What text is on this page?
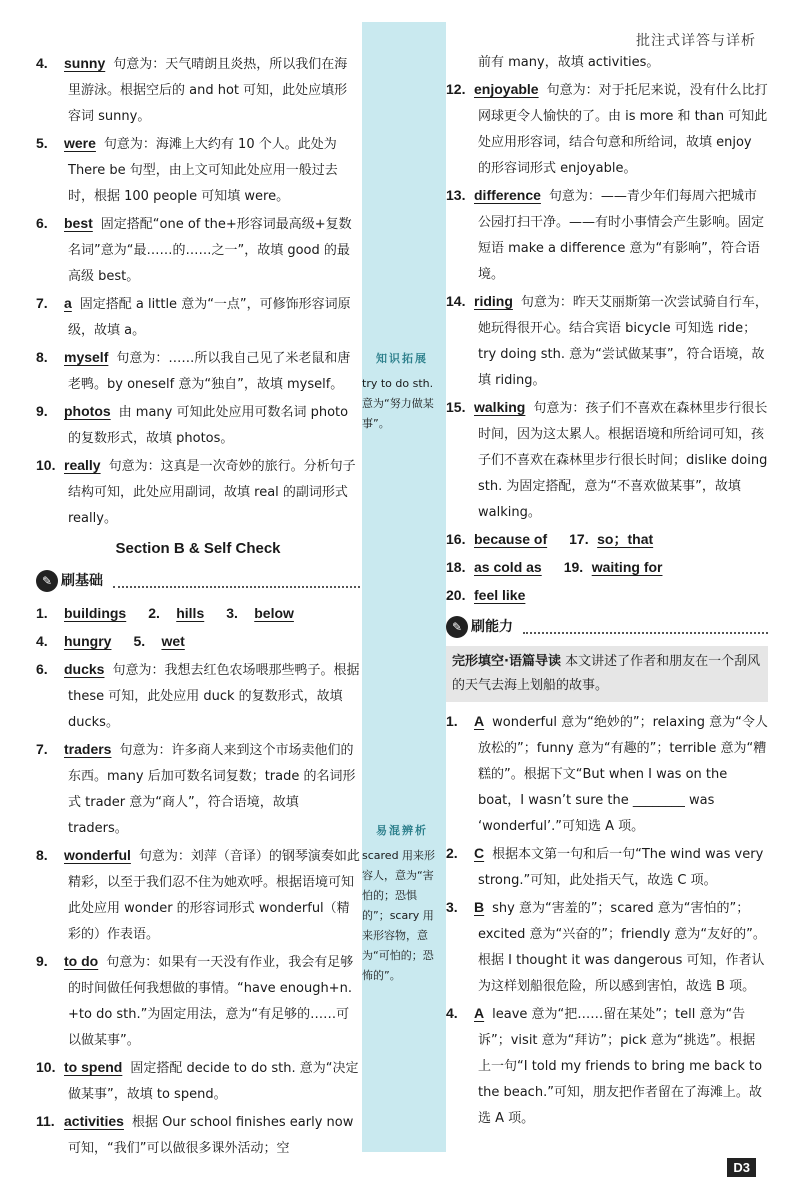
批注式详答与详析
4. sunny 句意为：天气晴朗且炎热，所以我们在海里游泳。根据空后的 and hot 可知，此处应填形容词 sunny。
5. were 句意为：海滩上大约有 10 个人。此处为 There be 句型，由上文可知此处应用一般过去时，根据 100 people 可知填 were。
6. best 固定搭配“one of the+形容词最高级+复数名词”意为“最……的……之一”，故填 good 的最高级 best。
7. a 固定搭配 a little 意为“一点”，可修饰形容词原级，故填 a。
8. myself 句意为：……所以我自己见了米老鼠和唐老鸭。by oneself 意为“独自”，故填 myself。
9. photos 由 many 可知此处应用可数名词 photo 的复数形式，故填 photos。
10. really 句意为：这真是一次奇妙的旅行。分析句子结构可知，此处应用副词，故填 real 的副词形式 really。
Section B & Self Check
✎ 刷基础
1. buildings	2. hills	3. below
4. hungry	5. wet
6. ducks 句意为：我想去红色农场喂那些鸭子。根据 these 可知，此处应用 duck 的复数形式，故填 ducks。
7. traders 句意为：许多商人来到这个市场卖他们的东西。many 后加可数名词复数；trade 的名词形式 trader 意为“商人”，符合语境，故填 traders。
8. wonderful 句意为：刘萍（音译）的钢琴演奏如此精彩，以至于我们忍不住为她欢呼。根据语境可知此处应用 wonder 的形容词形式 wonderful（精彩的）作表语。
9. to do 句意为：如果有一天没有作业，我会有足够的时间做任何我想做的事情。“have enough+n. +to do sth.”为固定用法，意为“有足够的……可以做某事”。
10. to spend 固定搭配 decide to do sth. 意为“决定做某事”，故填 to spend。
11. activities 根据 Our school finishes early now 可知，“我们”可以做很多课外活动；空
知识拓展
try to do sth. 意为“努力做某事”。
易混辨析
scared 用来形容人，意为“害怕的；恐惧的”；scary 用来形容物，意为“可怕的；恐怖的”。
前有 many，故填 activities。
12. enjoyable 句意为：对于托尼来说，没有什么比打网球更令人愉快的了。由 is more 和 than 可知此处应用形容词，结合句意和所给词，故填 enjoy 的形容词形式 enjoyable。
13. difference 句意为：——青少年们每周六把城市公园打扫干净。——有时小事情会产生影响。固定短语 make a difference 意为“有影响”，符合语境。
14. riding 句意为：昨天艾丽斯第一次尝试骑自行车，她玩得很开心。结合宾语 bicycle 可知选 ride；try doing sth. 意为“尝试做某事”，符合语境，故填 riding。
15. walking 句意为：孩子们不喜欢在森林里步行很长时间，因为这太累人。根据语境和所给词可知，孩子们不喜欢在森林里步行很长时间；dislike doing sth. 为固定搭配，意为“不喜欢做某事”，故填 walking。
16. because of	17. so；that
18. as cold as	19. waiting for
20. feel like
✎ 刷能力
完形填空·语篇导读 本文讲述了作者和朋友在一个刮风的天气去海上划船的故事。
1. A wonderful 意为“绝妙的”；relaxing 意为“令人放松的”；funny 意为“有趣的”；terrible 意为“糟糕的”。根据下文“But when I was on the boat，I wasn’t sure the ________ was ‘wonderful’.”可知选 A 项。
2. C 根据本文第一句和后一句“The wind was very strong.”可知，此处指天气，故选 C 项。
3. B shy 意为“害羞的”；scared 意为“害怕的”；excited 意为“兴奋的”；friendly 意为“友好的”。根据 I thought it was dangerous 可知，作者认为这样划船很危险，所以感到害怕，故选 B 项。
4. A leave 意为“把……留在某处”；tell 意为“告诉”；visit 意为“拜访”；pick 意为“挑选”。根据上一句“I told my friends to bring me back to the beach.”可知，朋友把作者留在了海滩上。故选 A 项。
D3
